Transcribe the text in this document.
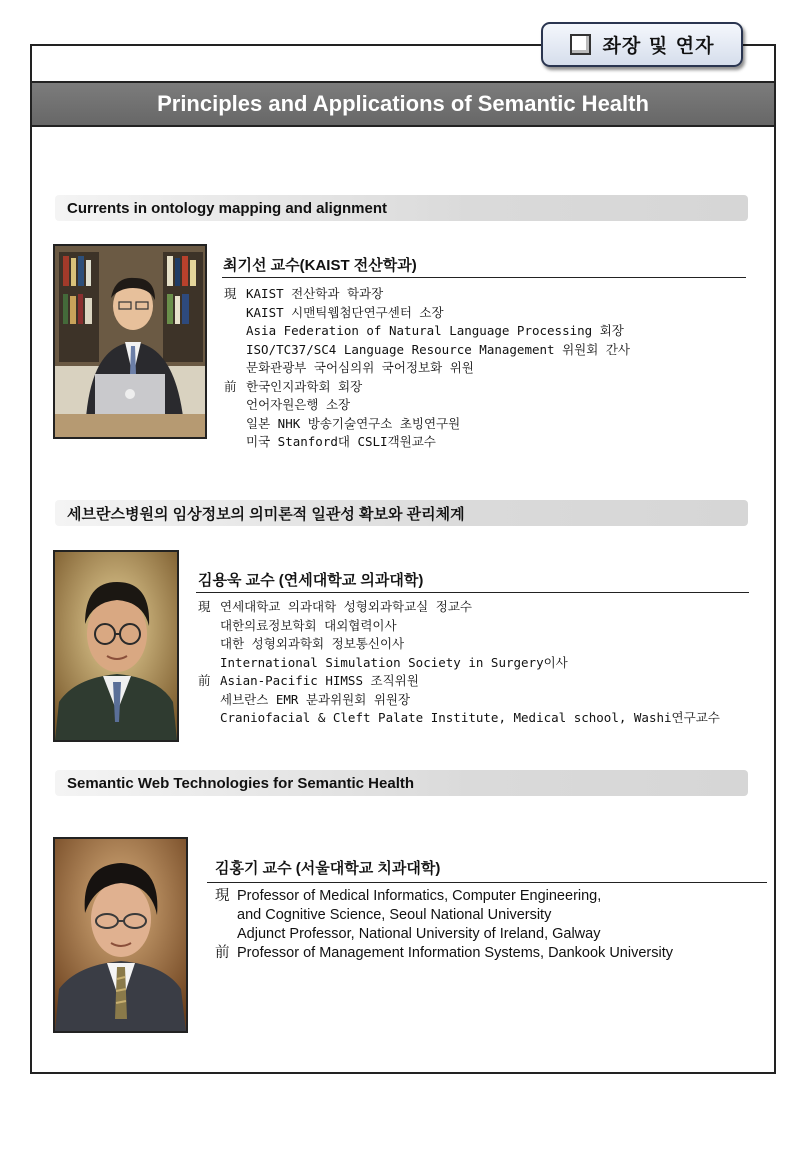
좌장 및 연자
Principles and Applications of Semantic Health
Currents in ontology mapping and alignment
최기선 교수(KAIST 전산학과)
現 KAIST 전산학과 학과장
KAIST 시맨틱웹첨단연구센터 소장
Asia Federation of Natural Language Processing 회장
ISO/TC37/SC4 Language Resource Management 위원회 간사
문화관광부 국어심의위 국어정보화 위원
前 한국인지과학회 회장
언어자원은행 소장
일본 NHK 방송기술연구소 초빙연구원
미국 Stanford대 CSLI객원교수
세브란스병원의 임상정보의 의미론적 일관성 확보와 관리체계
김용욱 교수 (연세대학교 의과대학)
現 연세대학교 의과대학 성형외과학교실 정교수
대한의료정보학회 대외협력이사
대한 성형외과학회 정보통신이사
International Simulation Society in Surgery이사
前 Asian-Pacific HIMSS 조직위원
세브란스 EMR 분과위원회 위원장
Craniofacial & Cleft Palate Institute, Medical school, Washi연구교수
Semantic Web Technologies for Semantic Health
김홍기 교수 (서울대학교 치과대학)
現 Professor of Medical Informatics, Computer Engineering,
and Cognitive Science, Seoul National University
Adjunct Professor, National University of Ireland, Galway
前 Professor of Management Information Systems, Dankook University
